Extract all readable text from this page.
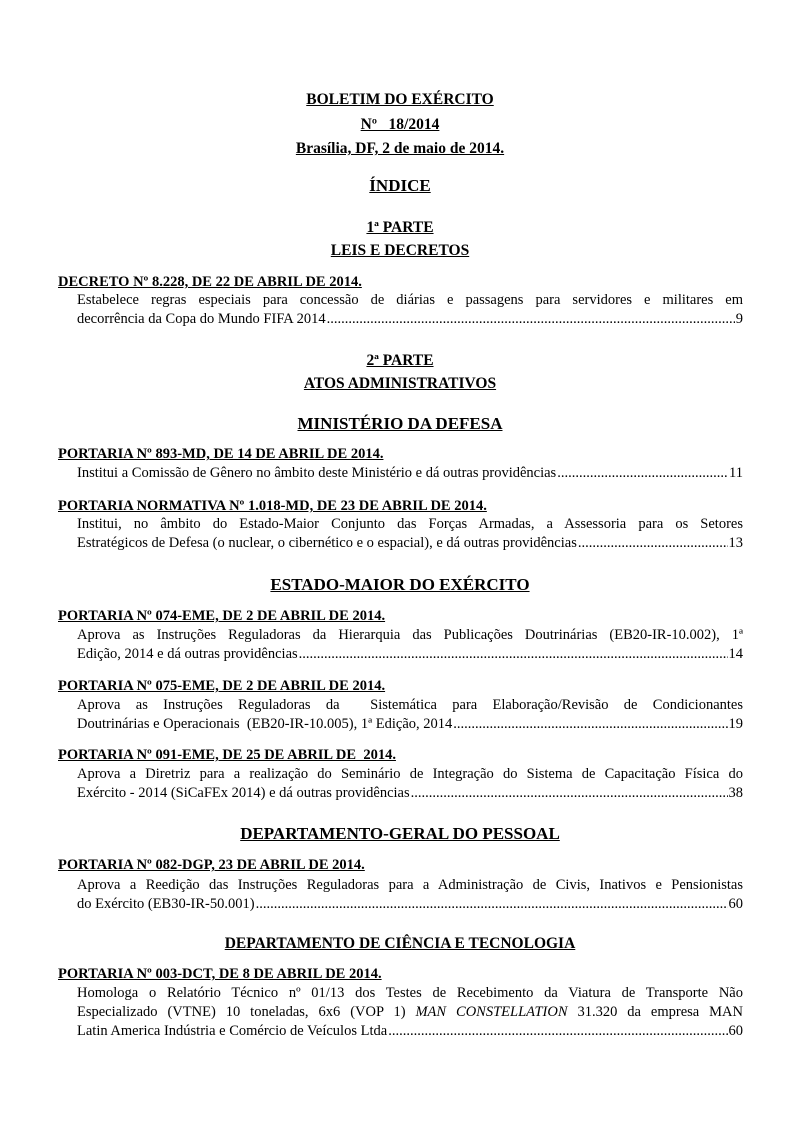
BOLETIM DO EXÉRCITO
Nº   18/2014
Brasília, DF, 2 de maio de 2014.
ÍNDICE
1ª PARTE
LEIS E DECRETOS
DECRETO Nº 8.228, DE 22 DE ABRIL DE 2014.
Estabelece regras especiais para concessão de diárias e passagens para servidores e militares em
decorrência da Copa do Mundo FIFA 2014 .....	9
2ª PARTE
ATOS ADMINISTRATIVOS
MINISTÉRIO DA DEFESA
PORTARIA Nº 893-MD, DE 14 DE ABRIL DE 2014.
Institui a Comissão de Gênero no âmbito deste Ministério e dá outras providências .....	11
PORTARIA NORMATIVA Nº 1.018-MD, DE 23 DE ABRIL DE 2014.
Institui, no âmbito do Estado-Maior Conjunto das Forças Armadas, a Assessoria para os Setores
Estratégicos de Defesa (o nuclear, o cibernético e o espacial), e dá outras providências .....	13
ESTADO-MAIOR DO EXÉRCITO
PORTARIA Nº 074-EME, DE 2 DE ABRIL DE 2014.
Aprova as Instruções Reguladoras da Hierarquia das Publicações Doutrinárias (EB20-IR-10.002), 1ª
Edição, 2014 e dá outras providências .....	14
PORTARIA Nº 075-EME, DE 2 DE ABRIL DE 2014.
Aprova as Instruções Reguladoras da  Sistemática para Elaboração/Revisão de Condicionantes
Doutrinárias e Operacionais  (EB20-IR-10.005), 1ª Edição, 2014 .....	19
PORTARIA Nº 091-EME, DE 25 DE ABRIL DE  2014.
Aprova a Diretriz para a realização do Seminário de Integração do Sistema de Capacitação Física do
Exército - 2014 (SiCaFEx 2014) e dá outras providências .....	38
DEPARTAMENTO-GERAL DO PESSOAL
PORTARIA Nº 082-DGP, 23 DE ABRIL DE 2014.
Aprova a Reedição das Instruções Reguladoras para a Administração de Civis, Inativos e Pensionistas
do Exército (EB30-IR-50.001) .....	60
DEPARTAMENTO DE CIÊNCIA E TECNOLOGIA
PORTARIA Nº 003-DCT, DE 8 DE ABRIL DE 2014.
Homologa o Relatório Técnico nº 01/13 dos Testes de Recebimento da Viatura de Transporte Não
Especializado (VTNE) 10 toneladas, 6x6 (VOP 1) MAN CONSTELLATION 31.320 da empresa MAN
Latin America Indústria e Comércio de Veículos Ltda .....	60
